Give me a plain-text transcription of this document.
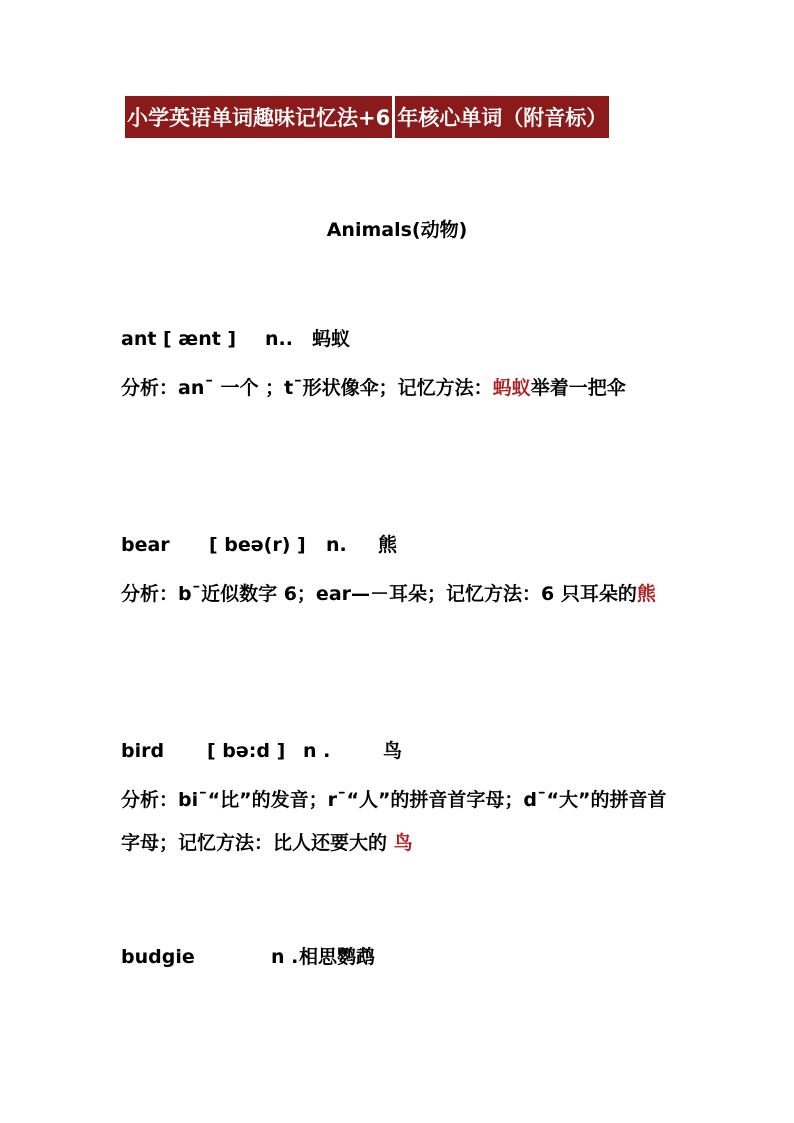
小学英语单词趣味记忆法+6 年核心单词（附音标）
Animals(动物)
ant [ ænt ] n.. 蚂蚁
分析：an¯ 一个 ；t¯形状像伞；记忆方法：蚂蚁举着一把伞
bear [ beə(r) ] n. 熊
分析：b¯近似数字 6；ear—－耳朵；记忆方法：6 只耳朵的熊
bird [ bə:d ] n .	鸟
分析：bi¯“比”的发音；r¯“人”的拼音首字母；d¯“大”的拼音首字母；记忆方法：比人还要大的 鸟
budgie	n . 相思鹦鹉
